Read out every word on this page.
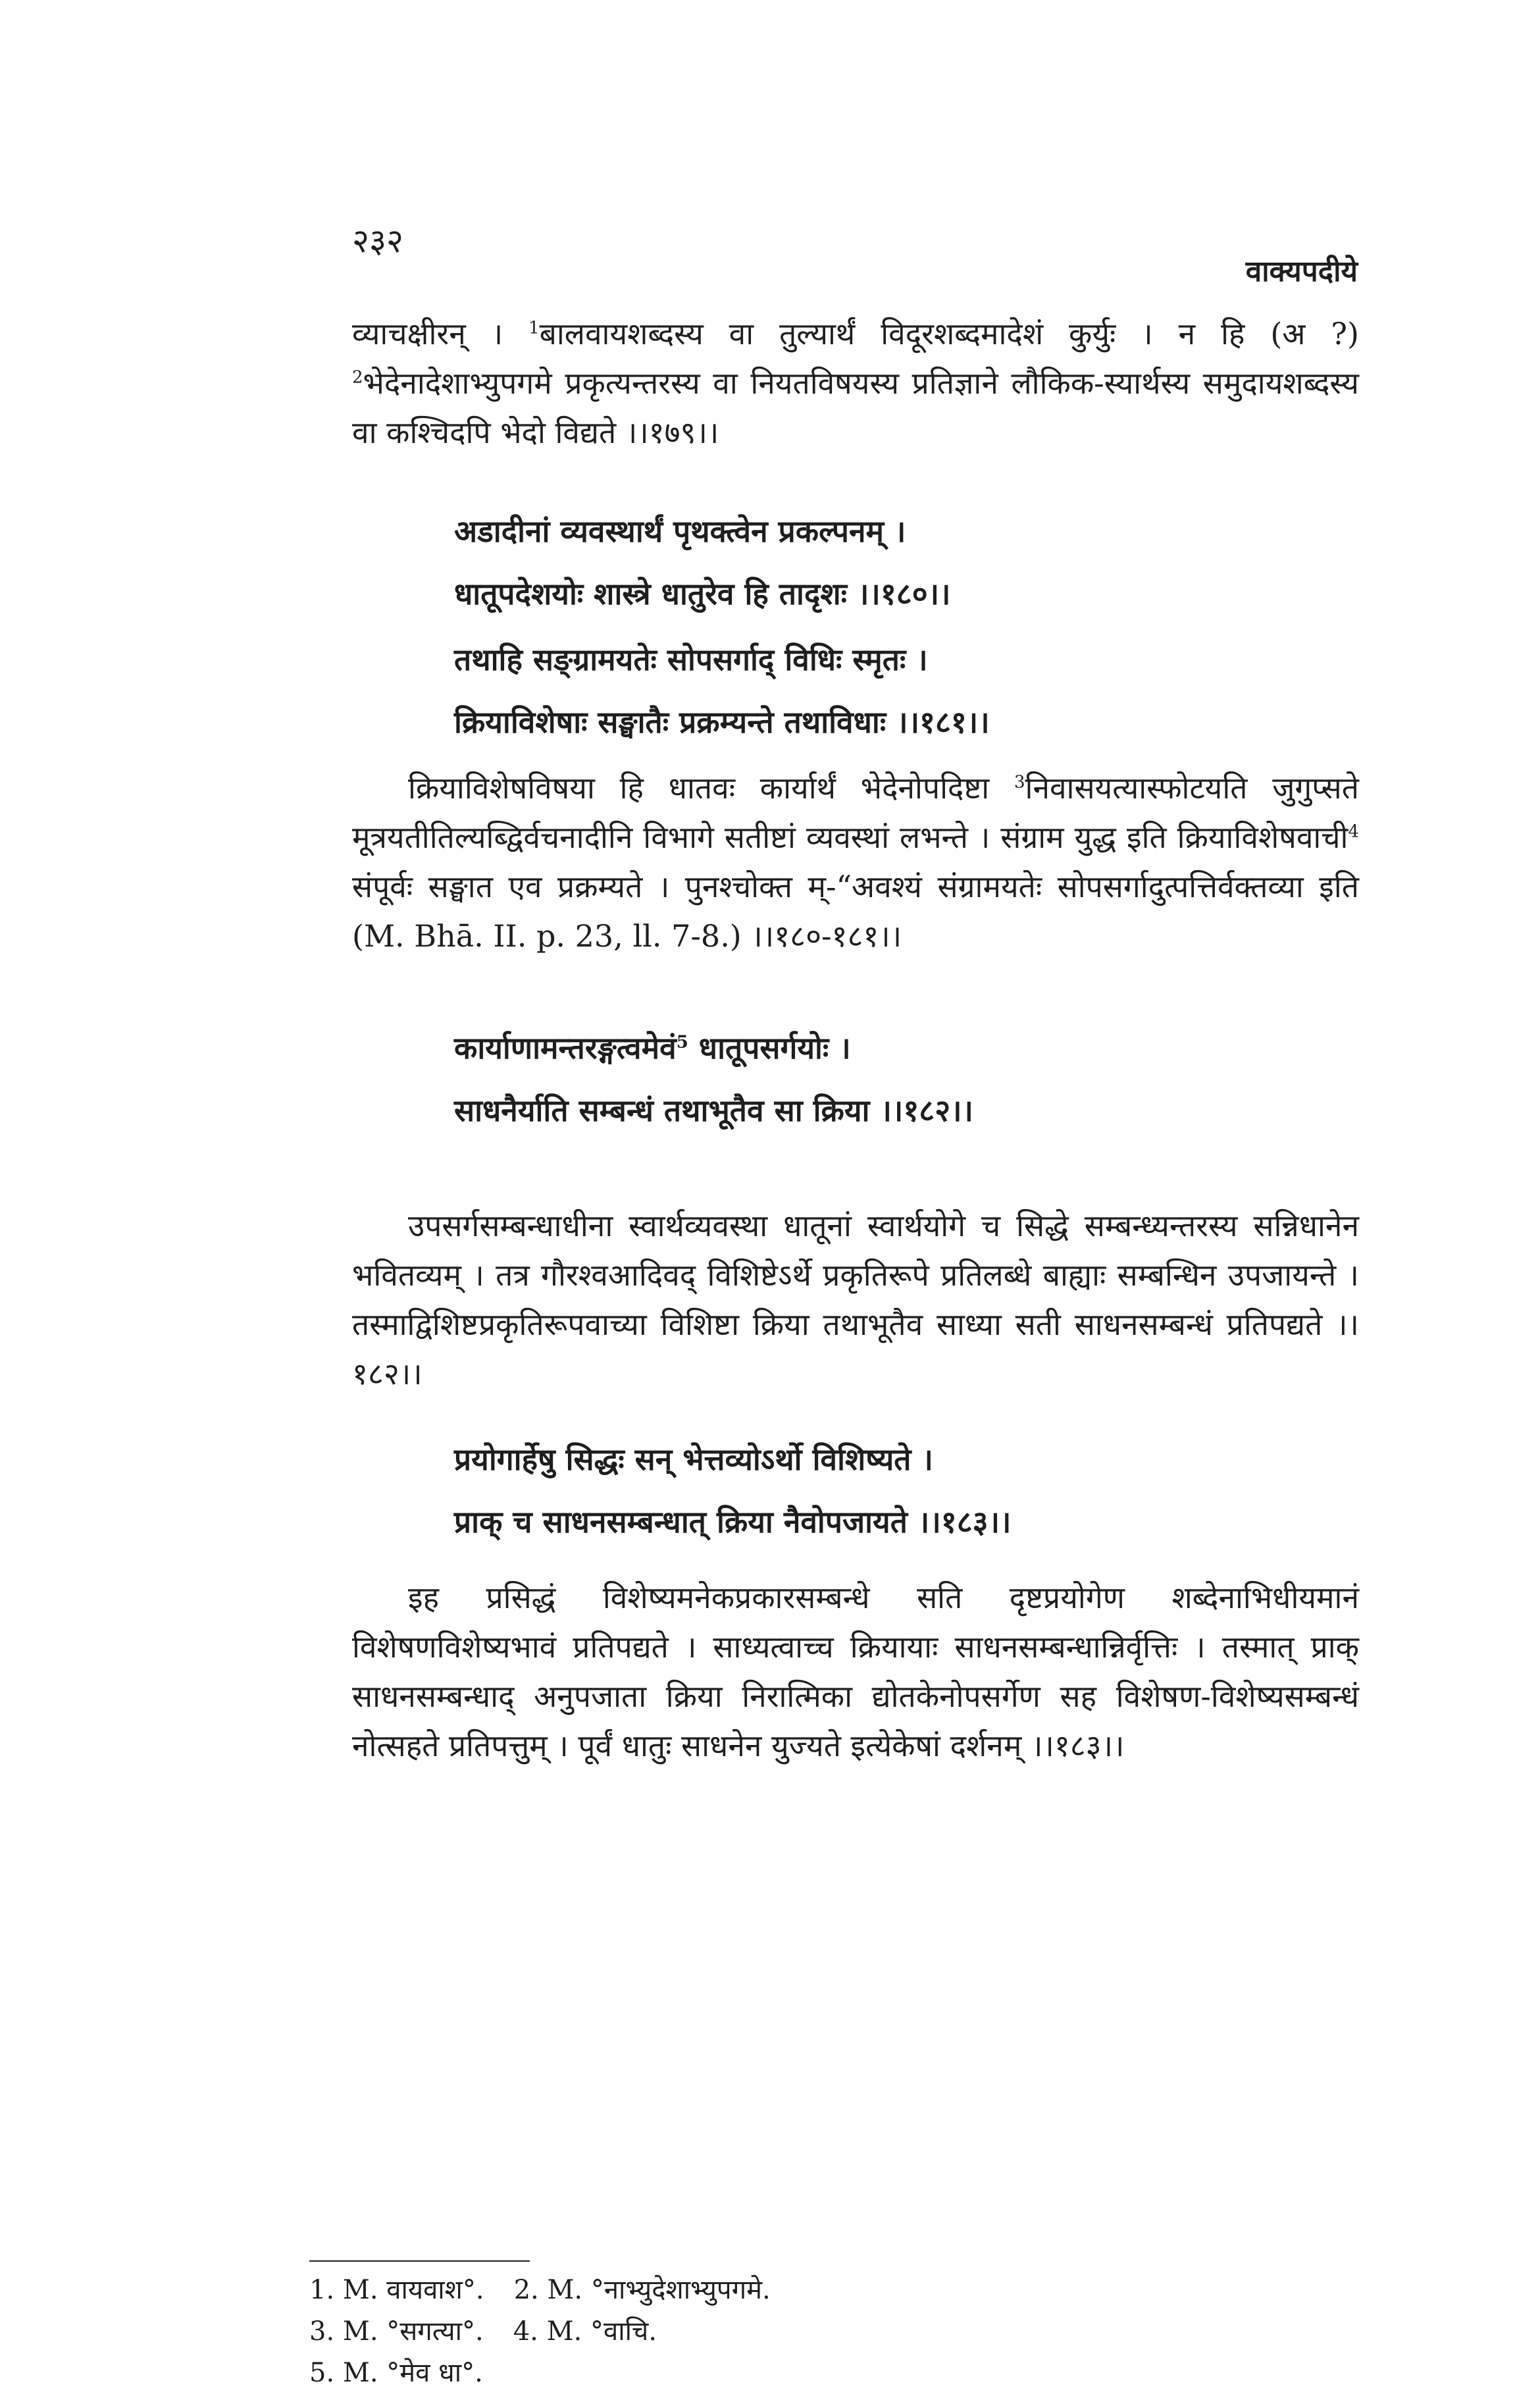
२३२
वाक्यपदीये
व्याचक्षीरन् । $^1$बालवायशब्दस्य वा तुल्यार्थं विदूरशब्दमादेशं कुर्युः । न हि (अ ?) $^2$भेदेनादेशाभ्युपगमे प्रकृत्यन्तरस्य वा नियतविषयस्य प्रतिज्ञाने लौकिक-स्यार्थस्य समुदायशब्दस्य वा कश्चिदपि भेदो विद्यते ।।१७९।।
अडादीनां व्यवस्थार्थं पृथक्त्वेन प्रकल्पनम् ।
धातूपदेशयोः शास्त्रे धातुरेव हि तादृशः ।।१८०।।
तथाहि सङ्ग्रामयतेः सोपसर्गाद् विधिः स्मृतः ।
क्रियाविशेषाः सङ्घातैः प्रक्रम्यन्ते तथाविधाः ।।१८१।।
क्रियाविशेषविषया हि धातवः कार्यार्थं भेदेनोपदिष्टा $^3$निवासयत्यास्फोटयति जुगुप्सते मूत्रयतीतिल्यब्द्विर्वचनादीनि विभागे सतीष्टां व्यवस्थां लभन्ते । संग्राम युद्ध इति क्रियाविशेषवाची$^4$ संपूर्वः सङ्घात एव प्रक्रम्यते । पुनश्चोक्त म्-“अवश्यं संग्रामयतेः सोपसर्गादुत्पत्तिर्वक्तव्या इति (M. Bhā. II. p. 23, ll. 7-8.) ।।१८०-१८१।।
कार्याणामन्तरङ्गत्वमेवं$^5$ धातूपसर्गयोः ।
साधनैर्याति सम्बन्धं तथाभूतैव सा क्रिया ।।१८२।।
उपसर्गसम्बन्धाधीना स्वार्थव्यवस्था धातूनां स्वार्थयोगे च सिद्धे सम्बन्ध्यन्तरस्य सन्निधानेन भवितव्यम् । तत्र गौरश्वआदिवद् विशिष्टेऽर्थे प्रकृतिरूपे प्रतिलब्धे बाह्याः सम्बन्धिन उपजायन्ते । तस्माद्विशिष्टप्रकृतिरूपवाच्या विशिष्टा क्रिया तथाभूतैव साध्या सती साधनसम्बन्धं प्रतिपद्यते ।।१८२।।
प्रयोगार्हेषु सिद्धः सन् भेत्तव्योऽर्थो विशिष्यते ।
प्राक् च साधनसम्बन्धात् क्रिया नैवोपजायते ।।१८३।।
इह प्रसिद्धं विशेष्यमनेकप्रकारसम्बन्धे सति दृष्टप्रयोगेण शब्देनाभिधीयमानं विशेषणविशेष्यभावं प्रतिपद्यते । साध्यत्वाच्च क्रियायाः साधनसम्बन्धान्निर्वृत्तिः । तस्मात् प्राक् साधनसम्बन्धाद् अनुपजाता क्रिया निरात्मिका द्योतकेनोपसर्गेण सह विशेषण-विशेष्यसम्बन्धं नोत्सहते प्रतिपत्तुम् । पूर्वं धातुः साधनेन युज्यते इत्येकेषां दर्शनम् ।।१८३।।
1. M. वायवाश°. 2. M. °नाभ्युदेशाभ्युपगमे.
3. M. °सगत्या°. 4. M. °वाचि.
5. M. °मेव धा°.
